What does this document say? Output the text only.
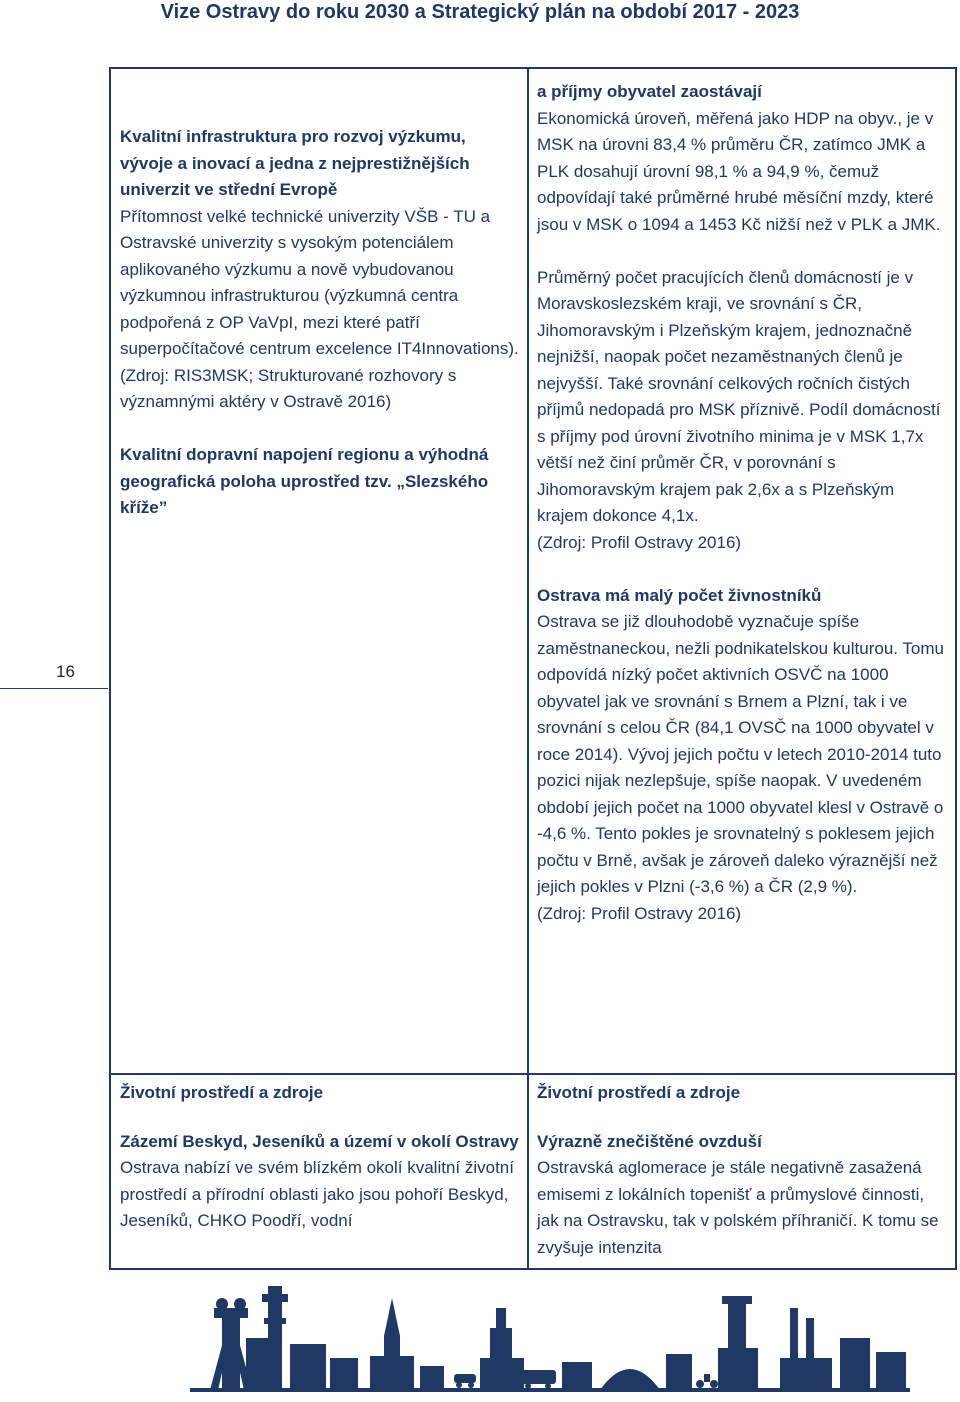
Vize Ostravy do roku 2030 a Strategický plán na období 2017 - 2023
16

Kvalitní infrastruktura pro rozvoj výzkumu, vývoje a inovací a jedna z nejprestižnějších univerzit ve střední Evropě

Přítomnost velké technické univerzity VŠB - TU a Ostravské univerzity s vysokým potenciálem aplikovaného výzkumu a nově vybudovanou výzkumnou infrastrukturou (výzkumná centra podpořená z OP VaVpI, mezi které patří superpočítačové centrum excelence IT4Innovations).

(Zdroj: RIS3MSK; Strukturované rozhovory s významnými aktéry v Ostravě 2016)

Kvalitní dopravní napojení regionu a výhodná geografická poloha uprostřed tzv. „Slezského kříže”

a příjmy obyvatel zaostávají

Ekonomická úroveň, měřená jako HDP na obyv., je v MSK na úrovni 83,4 % průměru ČR, zatímco JMK a PLK dosahují úrovní 98,1 % a 94,9 %, čemuž odpovídají také průměrné hrubé měsíční mzdy, které jsou v MSK o 1094 a 1453 Kč nižší než v PLK a JMK.

Průměrný počet pracujících členů domácností je v Moravskoslezském kraji, ve srovnání s ČR, Jihomoravským i Plzeňským krajem, jednoznačně nejnižší, naopak počet nezaměstnaných členů je nejvyšší. Také srovnání celkových ročních čistých příjmů nedopadá pro MSK příznivě. Podíl domácností s příjmy pod úrovní životního minima je v MSK 1,7x větší než činí průměr ČR, v porovnání s Jihomoravským krajem pak 2,6x a s Plzeňským krajem dokonce 4,1x.

(Zdroj: Profil Ostravy 2016)

Ostrava má malý počet živnostníků

Ostrava se již dlouhodobě vyznačuje spíše zaměstnaneckou, nežli podnikatelskou kulturou. Tomu odpovídá nízký počet aktivních OSVČ na 1000 obyvatel jak ve srovnání s Brnem a Plzní, tak i ve srovnání s celou ČR (84,1 OVSČ na 1000 obyvatel v roce 2014). Vývoj jejich počtu v letech 2010-2014 tuto pozici nijak nezlepšuje, spíše naopak. V uvedeném období jejich počet na 1000 obyvatel klesl v Ostravě o -4,6 %. Tento pokles je srovnatelný s poklesem jejich počtu v Brně, avšak je zároveň daleko výraznější než jejich pokles v Plzni (-3,6 %) a ČR (2,9 %).

(Zdroj: Profil Ostravy 2016)

Životní prostředí a zdroje

Zázemí Beskyd, Jeseníků a území v okolí Ostravy

Ostrava nabízí ve svém blízkém okolí kvalitní životní prostředí a přírodní oblasti jako jsou pohoří Beskyd, Jeseníků, CHKO Poodří, vodní

Životní prostředí a zdroje

Výrazně znečištěné ovzduší

Ostravská aglomerace je stále negativně zasažená emisemi z lokálních topenišť a průmyslové činnosti, jak na Ostravsku, tak v polském příhraničí. K tomu se zvyšuje intenzita
